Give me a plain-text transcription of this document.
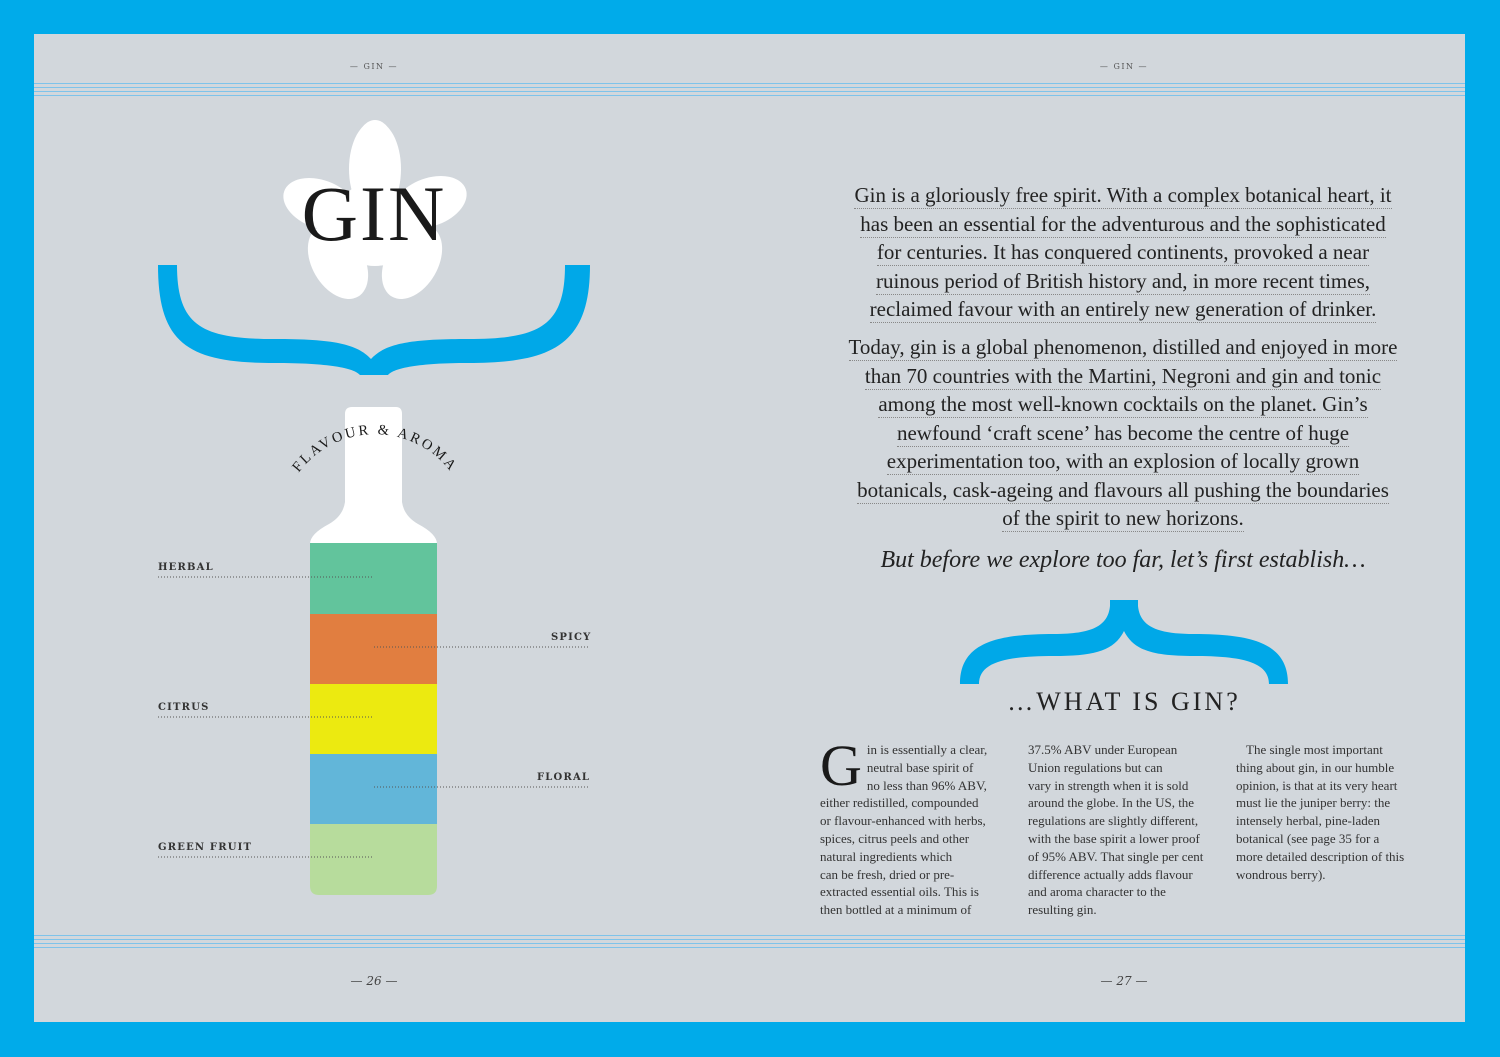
— GIN —
FLAVOUR & AROMA
GIN
HERBAL
SPICY
CITRUS
FLORAL
GREEN FRUIT
— 26 —
— GIN —
Gin is a gloriously free spirit. With a complex botanical heart, it
has been an essential for the adventurous and the sophisticated
for centuries. It has conquered continents, provoked a near
ruinous period of British history and, in more recent times,
reclaimed favour with an entirely new generation of drinker.
Today, gin is a global phenomenon, distilled and enjoyed in more
than 70 countries with the Martini, Negroni and gin and tonic
among the most well-known cocktails on the planet. Gin’s
newfound ‘craft scene’ has become the centre of huge
experimentation too, with an explosion of locally grown
botanicals, cask-ageing and flavours all pushing the boundaries
of the spirit to new horizons.
But before we explore too far, let’s first establish…
…WHAT IS GIN?
G in is essentially a clear,
neutral base spirit of
no less than 96% ABV,
either redistilled, compounded
or flavour-enhanced with herbs,
spices, citrus peels and other
natural ingredients which
can be fresh, dried or pre-
extracted essential oils. This is
then bottled at a minimum of
37.5% ABV under European
Union regulations but can
vary in strength when it is sold
around the globe. In the US, the
regulations are slightly different,
with the base spirit a lower proof
of 95% ABV. That single per cent
difference actually adds flavour
and aroma character to the
resulting gin.
The single most important
thing about gin, in our humble
opinion, is that at its very heart
must lie the juniper berry: the
intensely herbal, pine-laden
botanical (see page 35 for a
more detailed description of this
wondrous berry).
— 27 —
